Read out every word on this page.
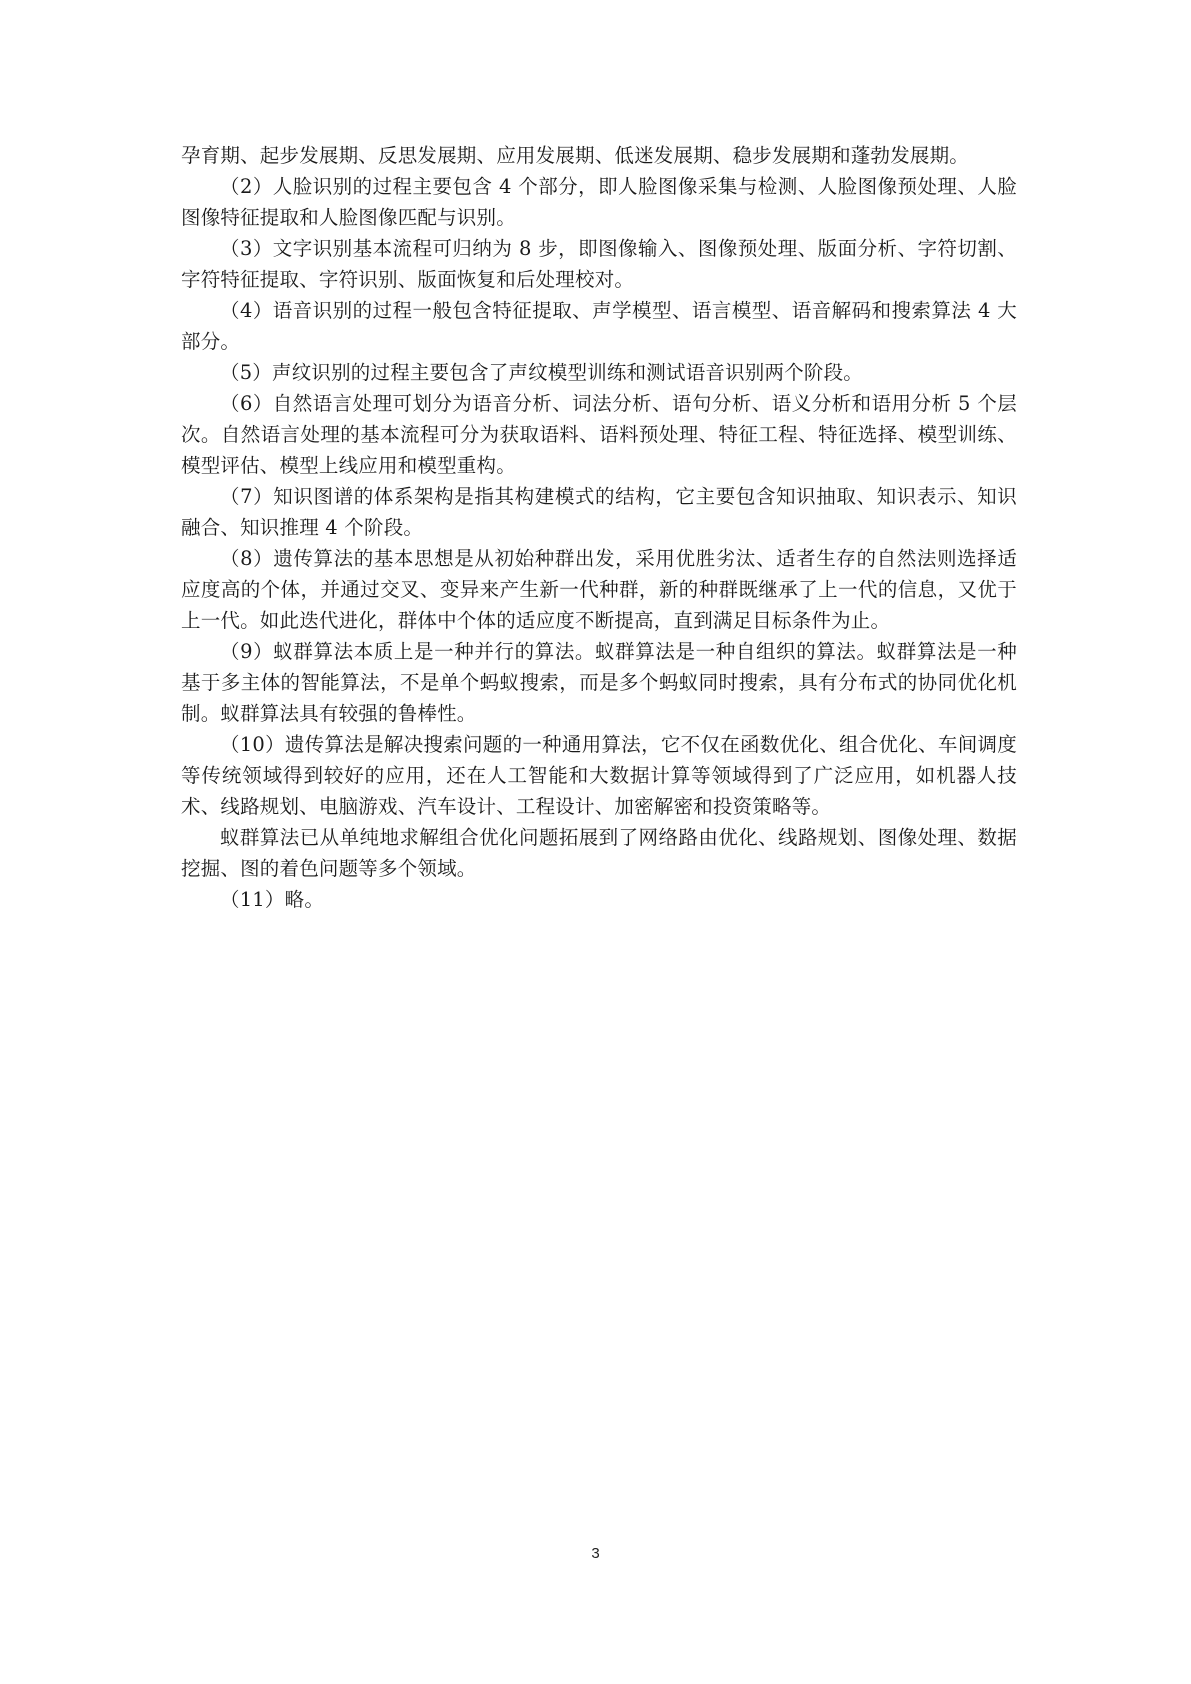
孕育期、起步发展期、反思发展期、应用发展期、低迷发展期、稳步发展期和蓬勃发展期。

（2）人脸识别的过程主要包含 4 个部分，即人脸图像采集与检测、人脸图像预处理、人脸图像特征提取和人脸图像匹配与识别。

（3）文字识别基本流程可归纳为 8 步，即图像输入、图像预处理、版面分析、字符切割、字符特征提取、字符识别、版面恢复和后处理校对。

（4）语音识别的过程一般包含特征提取、声学模型、语言模型、语音解码和搜索算法 4 大部分。

（5）声纹识别的过程主要包含了声纹模型训练和测试语音识别两个阶段。

（6）自然语言处理可划分为语音分析、词法分析、语句分析、语义分析和语用分析 5 个层次。自然语言处理的基本流程可分为获取语料、语料预处理、特征工程、特征选择、模型训练、模型评估、模型上线应用和模型重构。

（7）知识图谱的体系架构是指其构建模式的结构，它主要包含知识抽取、知识表示、知识融合、知识推理 4 个阶段。

（8）遗传算法的基本思想是从初始种群出发，采用优胜劣汰、适者生存的自然法则选择适应度高的个体，并通过交叉、变异来产生新一代种群，新的种群既继承了上一代的信息，又优于上一代。如此迭代进化，群体中个体的适应度不断提高，直到满足目标条件为止。

（9）蚁群算法本质上是一种并行的算法。蚁群算法是一种自组织的算法。蚁群算法是一种基于多主体的智能算法，不是单个蚂蚁搜索，而是多个蚂蚁同时搜索，具有分布式的协同优化机制。蚁群算法具有较强的鲁棒性。

（10）遗传算法是解决搜索问题的一种通用算法，它不仅在函数优化、组合优化、车间调度等传统领域得到较好的应用，还在人工智能和大数据计算等领域得到了广泛应用，如机器人技术、线路规划、电脑游戏、汽车设计、工程设计、加密解密和投资策略等。

蚁群算法已从单纯地求解组合优化问题拓展到了网络路由优化、线路规划、图像处理、数据挖掘、图的着色问题等多个领域。

（11）略。

3
